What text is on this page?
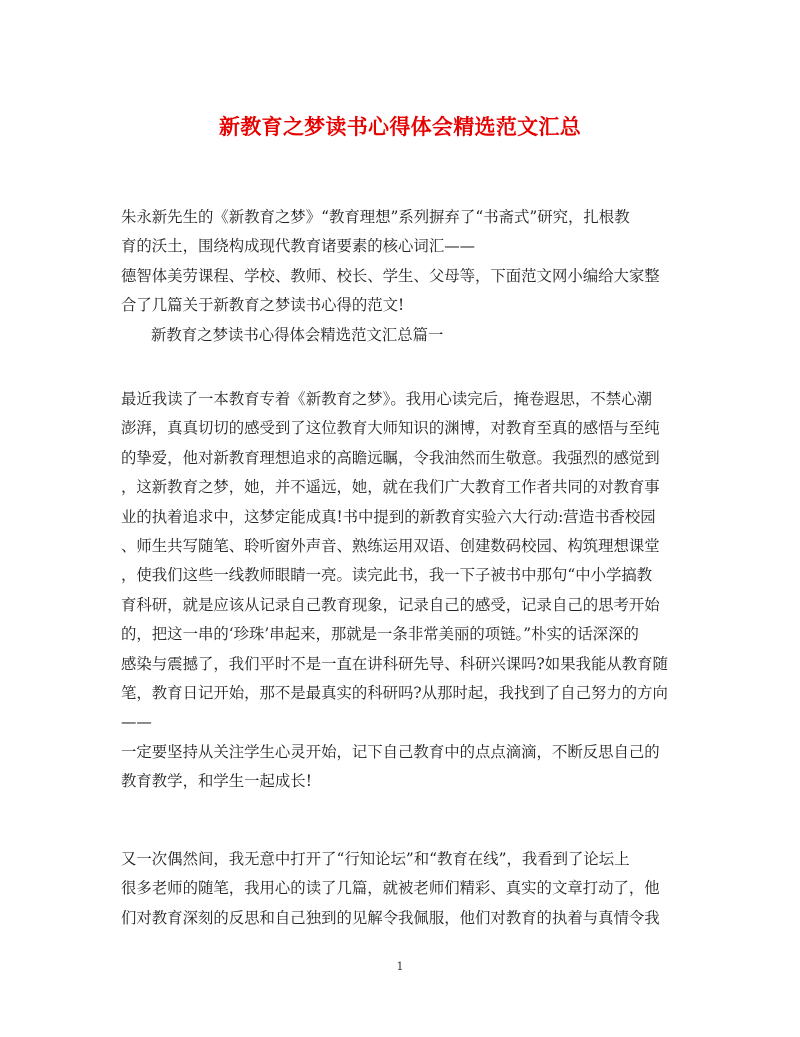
新教育之梦读书心得体会精选范文汇总
朱永新先生的《新教育之梦》“教育理想”系列摒弃了“书斋式”研究，扎根教
育的沃土，围绕构成现代教育诸要素的核心词汇——
德智体美劳课程、学校、教师、校长、学生、父母等，下面范文网小编给大家整
合了几篇关于新教育之梦读书心得的范文!
新教育之梦读书心得体会精选范文汇总篇一
最近我读了一本教育专着《新教育之梦》。我用心读完后，掩卷遐思，不禁心潮
澎湃，真真切切的感受到了这位教育大师知识的渊博，对教育至真的感悟与至纯
的挚爱，他对新教育理想追求的高瞻远瞩，令我油然而生敬意。我强烈的感觉到
，这新教育之梦，她，并不遥远，她，就在我们广大教育工作者共同的对教育事
业的执着追求中，这梦定能成真!书中提到的新教育实验六大行动:营造书香校园
、师生共写随笔、聆听窗外声音、熟练运用双语、创建数码校园、构筑理想课堂
，使我们这些一线教师眼睛一亮。读完此书，我一下子被书中那句“中小学搞教
育科研，就是应该从记录自己教育现象，记录自己的感受，记录自己的思考开始
的，把这一串的‘珍珠’串起来，那就是一条非常美丽的项链。”朴实的话深深的
感染与震撼了，我们平时不是一直在讲科研先导、科研兴课吗?如果我能从教育随
笔，教育日记开始，那不是最真实的科研吗?从那时起，我找到了自己努力的方向
——
一定要坚持从关注学生心灵开始，记下自己教育中的点点滴滴，不断反思自己的
教育教学，和学生一起成长!
又一次偶然间，我无意中打开了“行知论坛”和“教育在线”，我看到了论坛上
很多老师的随笔，我用心的读了几篇，就被老师们精彩、真实的文章打动了，他
们对教育深刻的反思和自己独到的见解令我佩服，他们对教育的执着与真情令我
1
